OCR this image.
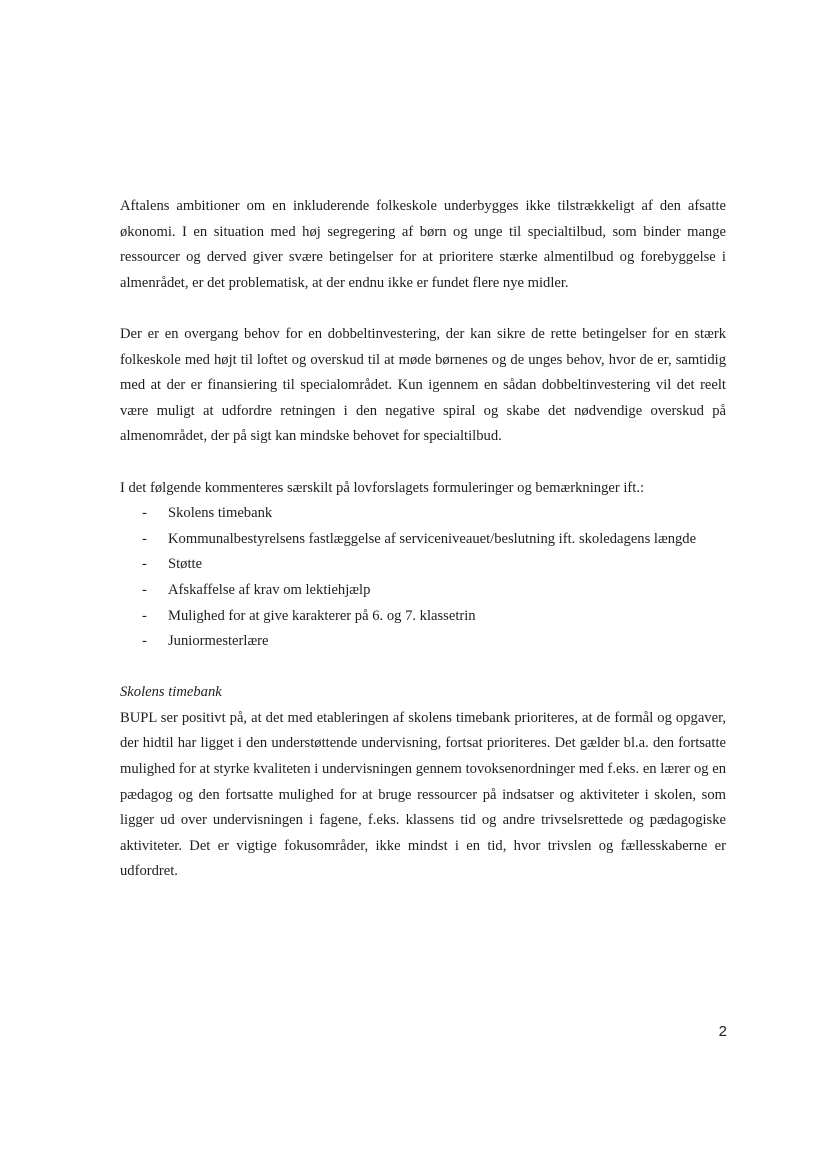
Aftalens ambitioner om en inkluderende folkeskole underbygges ikke tilstrækkeligt af den afsatte økonomi. I en situation med høj segregering af børn og unge til specialtilbud, som binder mange ressourcer og derved giver svære betingelser for at prioritere stærke almentilbud og forebyggelse i almenrådet, er det problematisk, at der endnu ikke er fundet flere nye midler.

Der er en overgang behov for en dobbeltinvestering, der kan sikre de rette betingelser for en stærk folkeskole med højt til loftet og overskud til at møde børnenes og de unges behov, hvor de er, samtidig med at der er finansiering til specialområdet. Kun igennem en sådan dobbeltinvestering vil det reelt være muligt at udfordre retningen i den negative spiral og skabe det nødvendige overskud på almenområdet, der på sigt kan mindske behovet for specialtilbud.

I det følgende kommenteres særskilt på lovforslagets formuleringer og bemærkninger ift.:

- Skolens timebank
- Kommunalbestyrelsens fastlæggelse af serviceniveauet/beslutning ift. skoledagens længde
- Støtte
- Afskaffelse af krav om lektiehjælp
- Mulighed for at give karakterer på 6. og 7. klassetrin
- Juniormesterlære

Skolens timebank

BUPL ser positivt på, at det med etableringen af skolens timebank prioriteres, at de formål og opgaver, der hidtil har ligget i den understøttende undervisning, fortsat prioriteres. Det gælder bl.a. den fortsatte mulighed for at styrke kvaliteten i undervisningen gennem tovoksenordninger med f.eks. en lærer og en pædagog og den fortsatte mulighed for at bruge ressourcer på indsatser og aktiviteter i skolen, som ligger ud over undervisningen i fagene, f.eks. klassens tid og andre trivselsrettede og pædagogiske aktiviteter. Det er vigtige fokusområder, ikke mindst i en tid, hvor trivslen og fællesskaberne er udfordret.

2
